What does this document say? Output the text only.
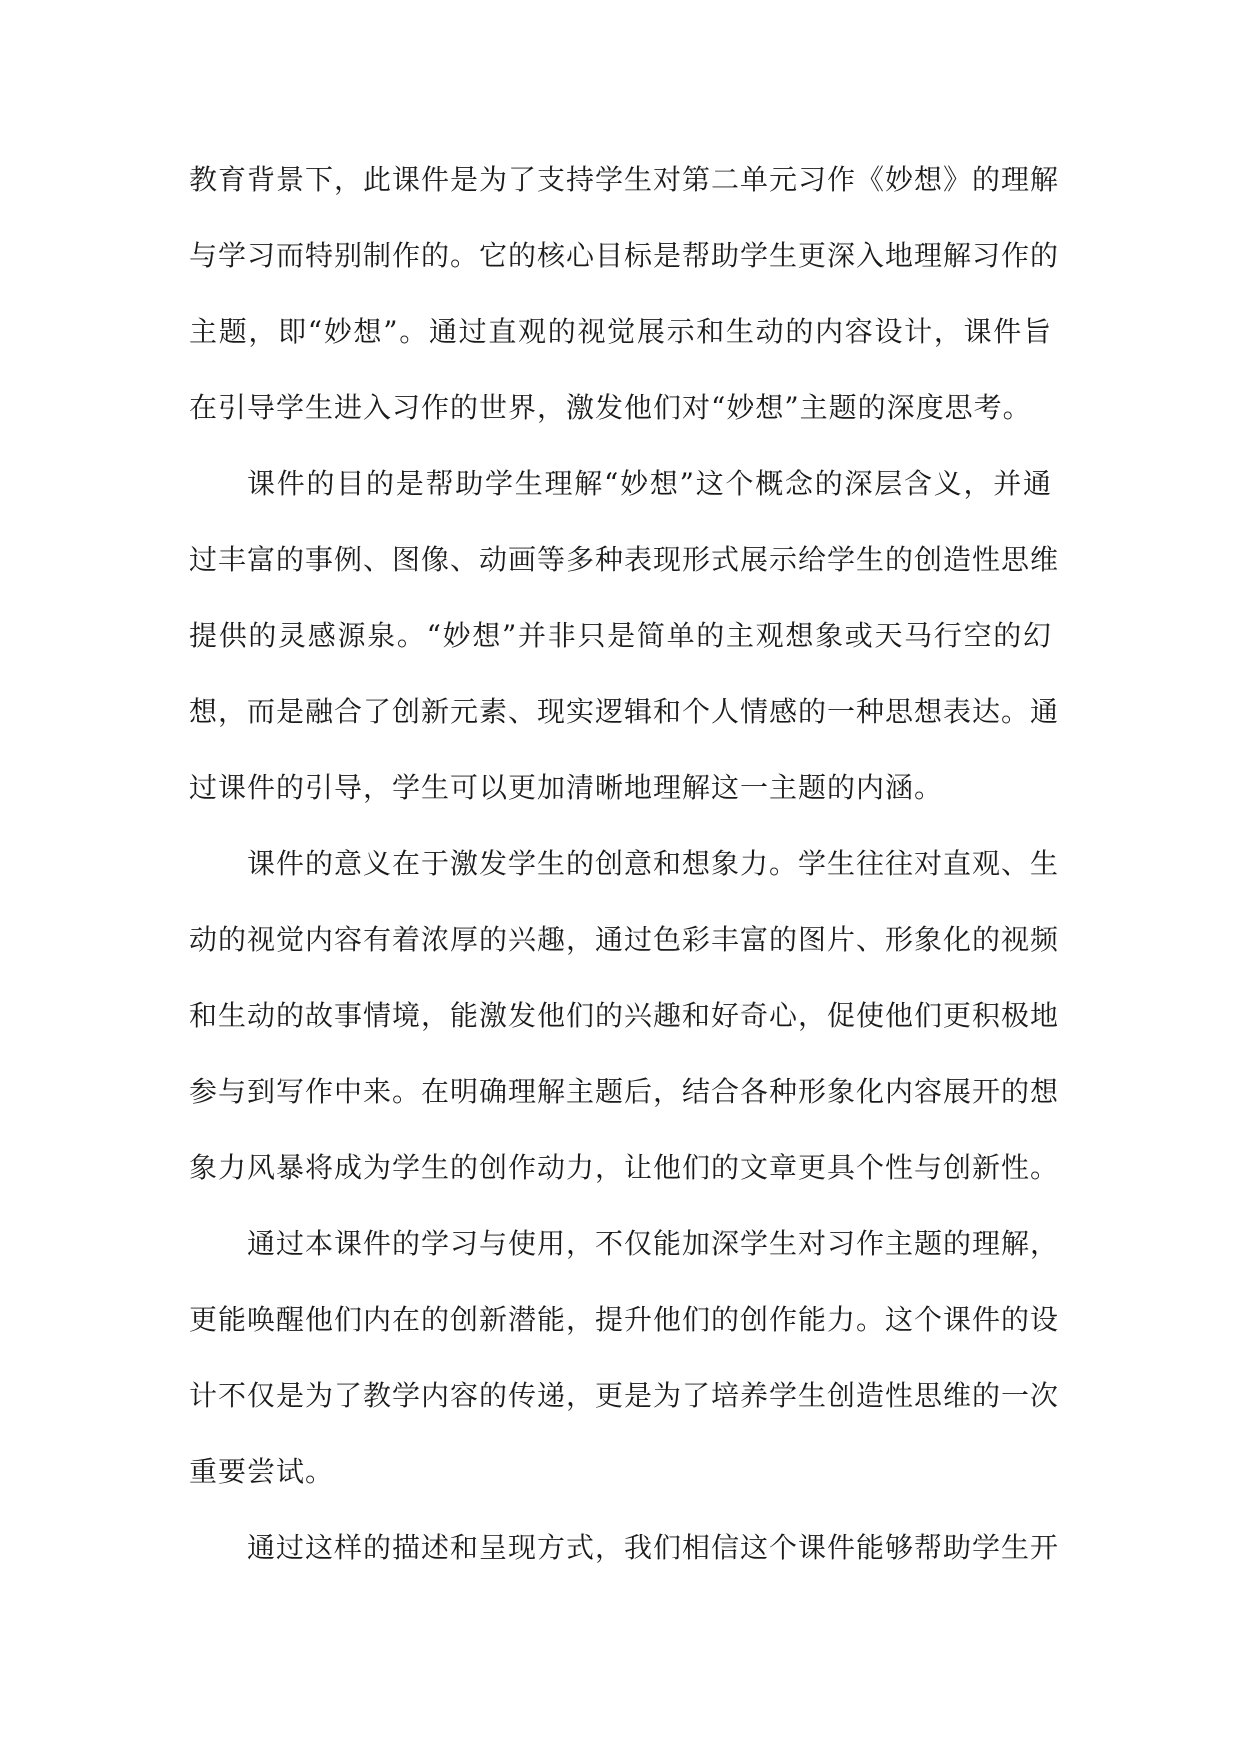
教育背景下，此课件是为了支持学生对第二单元习作《妙想》的理解
与学习而特别制作的。它的核心目标是帮助学生更深入地理解习作的
主题，即“妙想”。通过直观的视觉展示和生动的内容设计，课件旨
在引导学生进入习作的世界，激发他们对“妙想”主题的深度思考。
课件的目的是帮助学生理解“妙想”这个概念的深层含义，并通
过丰富的事例、图像、动画等多种表现形式展示给学生的创造性思维
提供的灵感源泉。“妙想”并非只是简单的主观想象或天马行空的幻
想，而是融合了创新元素、现实逻辑和个人情感的一种思想表达。通
过课件的引导，学生可以更加清晰地理解这一主题的内涵。
课件的意义在于激发学生的创意和想象力。学生往往对直观、生
动的视觉内容有着浓厚的兴趣，通过色彩丰富的图片、形象化的视频
和生动的故事情境，能激发他们的兴趣和好奇心，促使他们更积极地
参与到写作中来。在明确理解主题后，结合各种形象化内容展开的想
象力风暴将成为学生的创作动力，让他们的文章更具个性与创新性。
通过本课件的学习与使用，不仅能加深学生对习作主题的理解，
更能唤醒他们内在的创新潜能，提升他们的创作能力。这个课件的设
计不仅是为了教学内容的传递，更是为了培养学生创造性思维的一次
重要尝试。
通过这样的描述和呈现方式，我们相信这个课件能够帮助学生开
